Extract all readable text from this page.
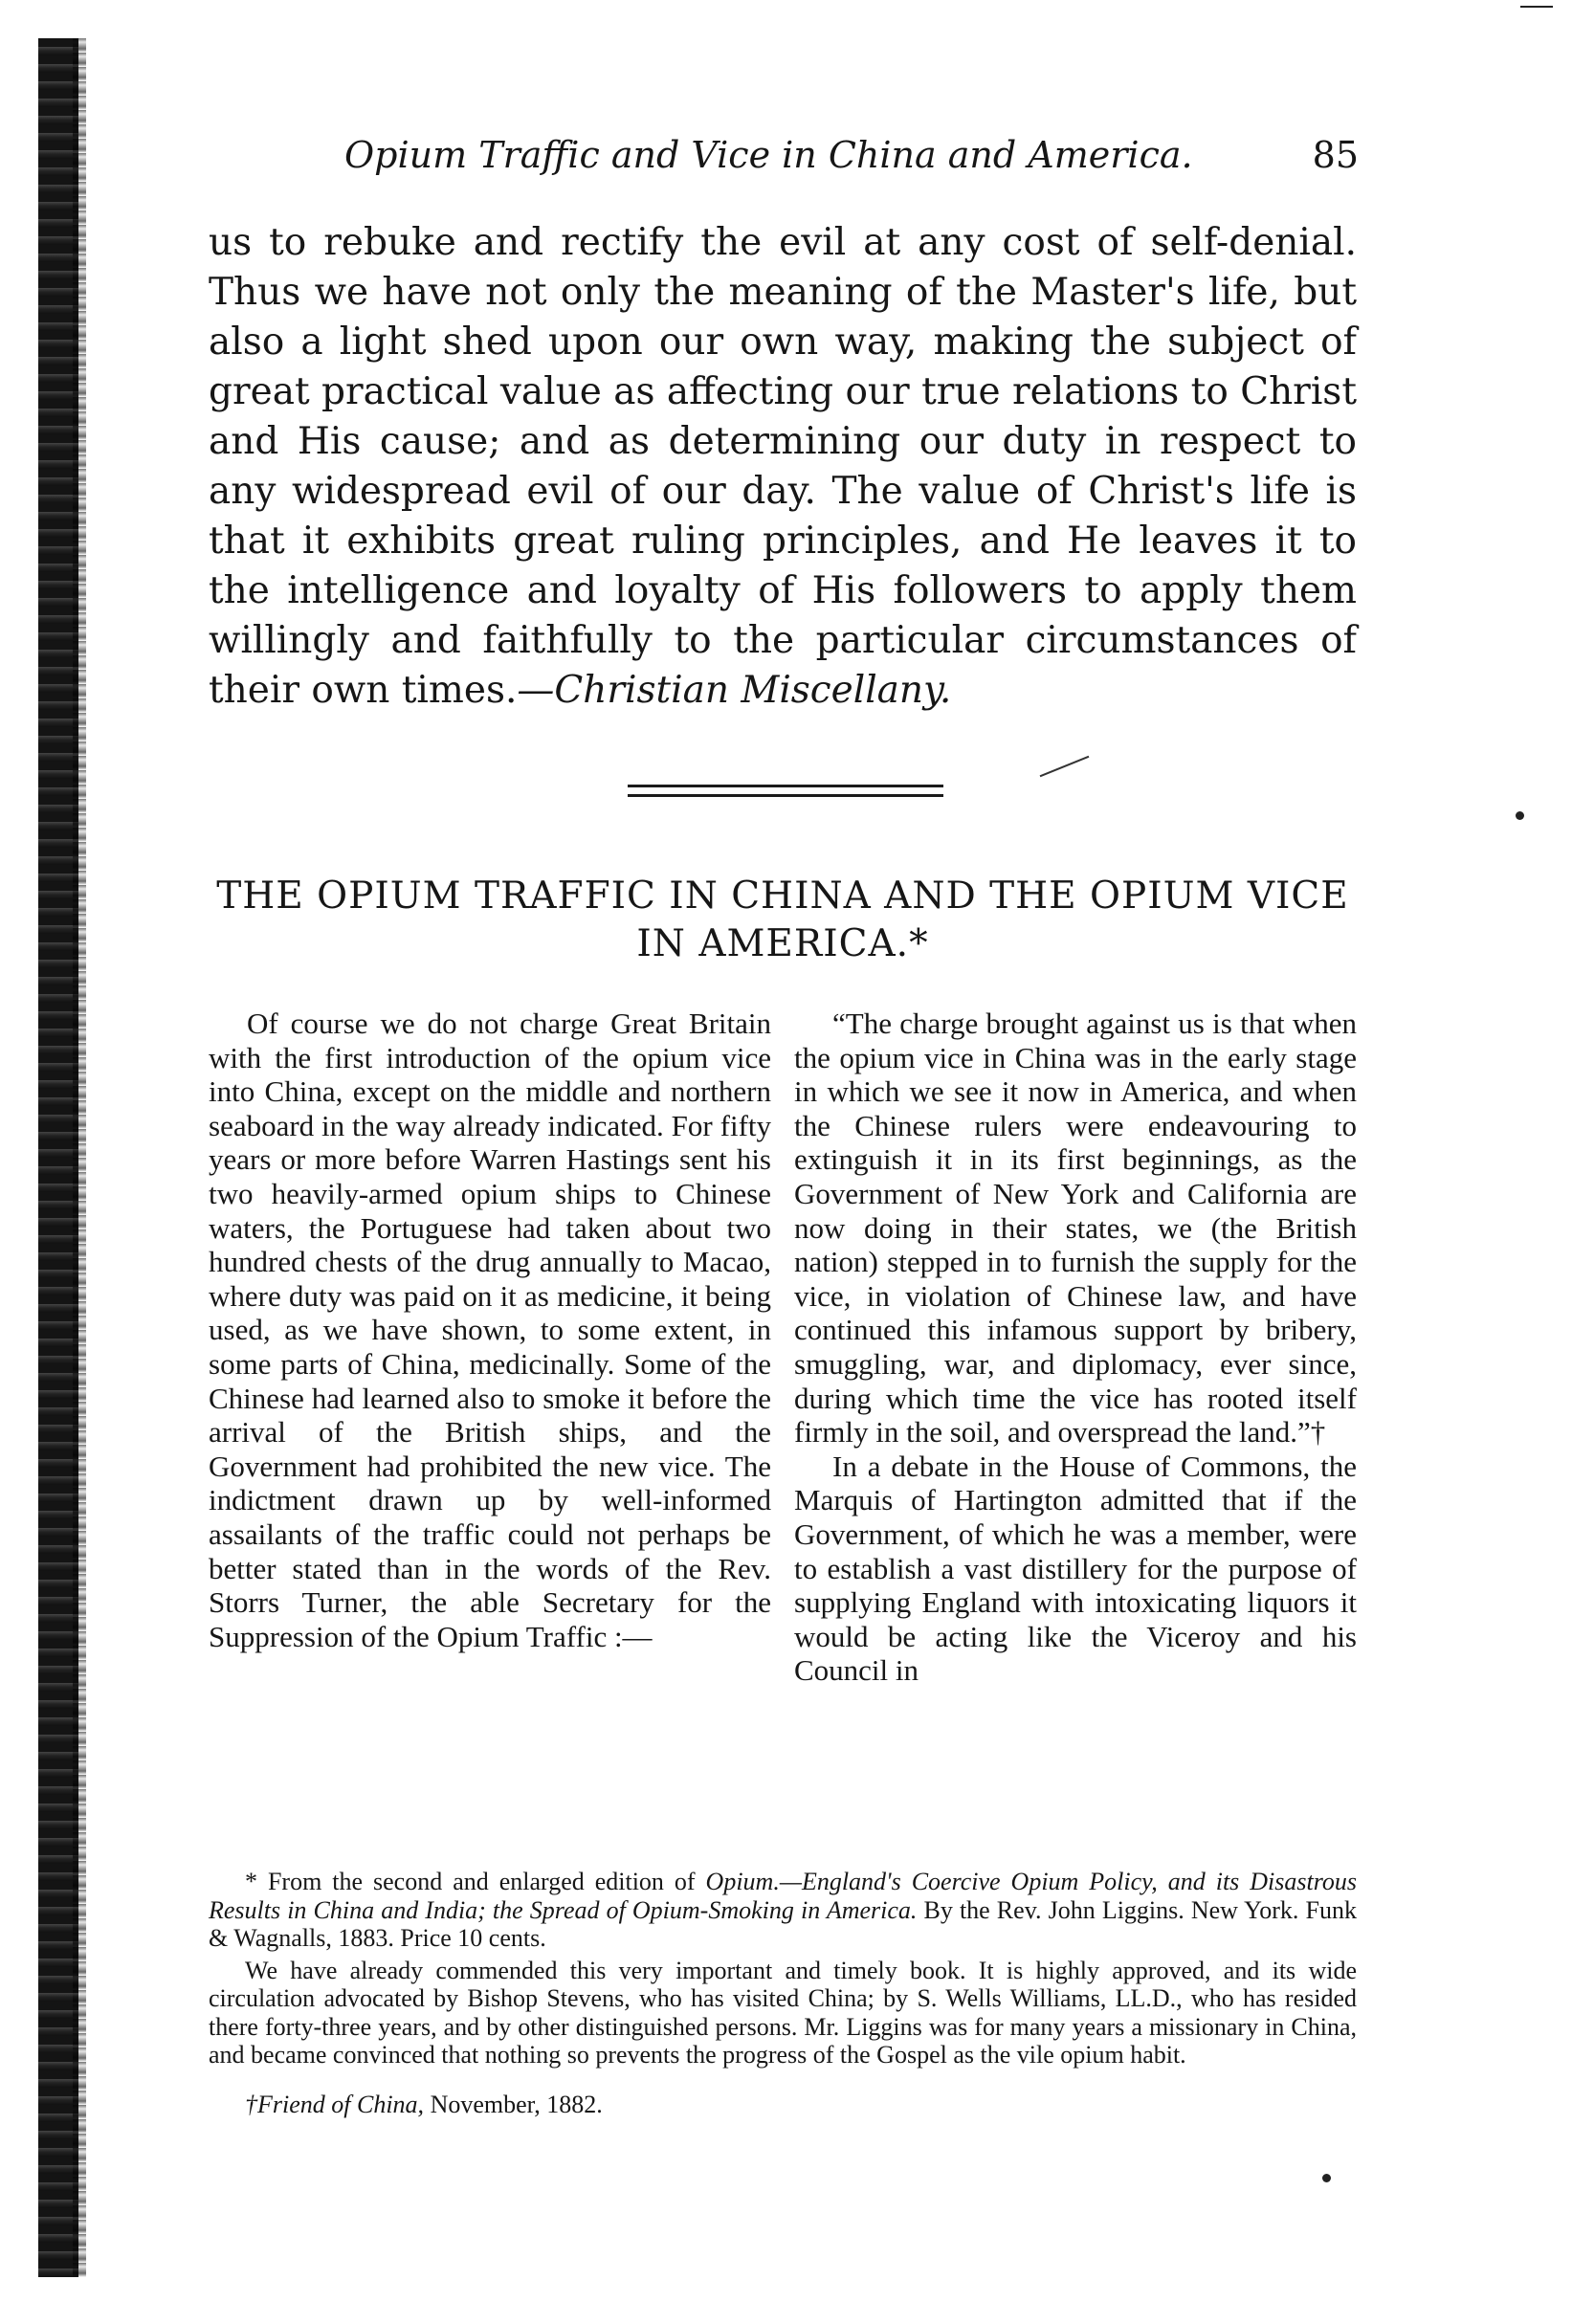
Opium Traffic and Vice in China and America.	85

us to rebuke and rectify the evil at any cost of self-denial. Thus we have not only the meaning of the Master's life, but also a light shed upon our own way, making the subject of great practical value as affecting our true relations to Christ and His cause; and as determining our duty in respect to any widespread evil of our day. The value of Christ's life is that it exhibits great ruling principles, and He leaves it to the intelligence and loyalty of His followers to apply them willingly and faithfully to the particular circumstances of their own times.—Christian Miscellany.

THE OPIUM TRAFFIC IN CHINA AND THE OPIUM VICE IN AMERICA.*

Of course we do not charge Great Britain with the first introduction of the opium vice into China, except on the middle and northern seaboard in the way already indicated. For fifty years or more before Warren Hastings sent his two heavily-armed opium ships to Chinese waters, the Portuguese had taken about two hundred chests of the drug annually to Macao, where duty was paid on it as medicine, it being used, as we have shown, to some extent, in some parts of China, medicinally. Some of the Chinese had learned also to smoke it before the arrival of the British ships, and the Government had prohibited the new vice. The indictment drawn up by well-informed assailants of the traffic could not perhaps be better stated than in the words of the Rev. Storrs Turner, the able Secretary for the Suppression of the Opium Traffic :—

“The charge brought against us is that when the opium vice in China was in the early stage in which we see it now in America, and when the Chinese rulers were endeavouring to extinguish it in its first beginnings, as the Government of New York and California are now doing in their states, we (the British nation) stepped in to furnish the supply for the vice, in violation of Chinese law, and have continued this infamous support by bribery, smuggling, war, and diplomacy, ever since, during which time the vice has rooted itself firmly in the soil, and overspread the land.”†

In a debate in the House of Commons, the Marquis of Hartington admitted that if the Government, of which he was a member, were to establish a vast distillery for the purpose of supplying England with intoxicating liquors it would be acting like the Viceroy and his Council in

* From the second and enlarged edition of Opium.—England's Coercive Opium Policy, and its Disastrous Results in China and India; the Spread of Opium-Smoking in America. By the Rev. John Liggins. New York. Funk & Wagnalls, 1883. Price 10 cents.

We have already commended this very important and timely book. It is highly approved, and its wide circulation advocated by Bishop Stevens, who has visited China; by S. Wells Williams, LL.D., who has resided there forty-three years, and by other distinguished persons. Mr. Liggins was for many years a missionary in China, and became convinced that nothing so prevents the progress of the Gospel as the vile opium habit.

†Friend of China, November, 1882.
